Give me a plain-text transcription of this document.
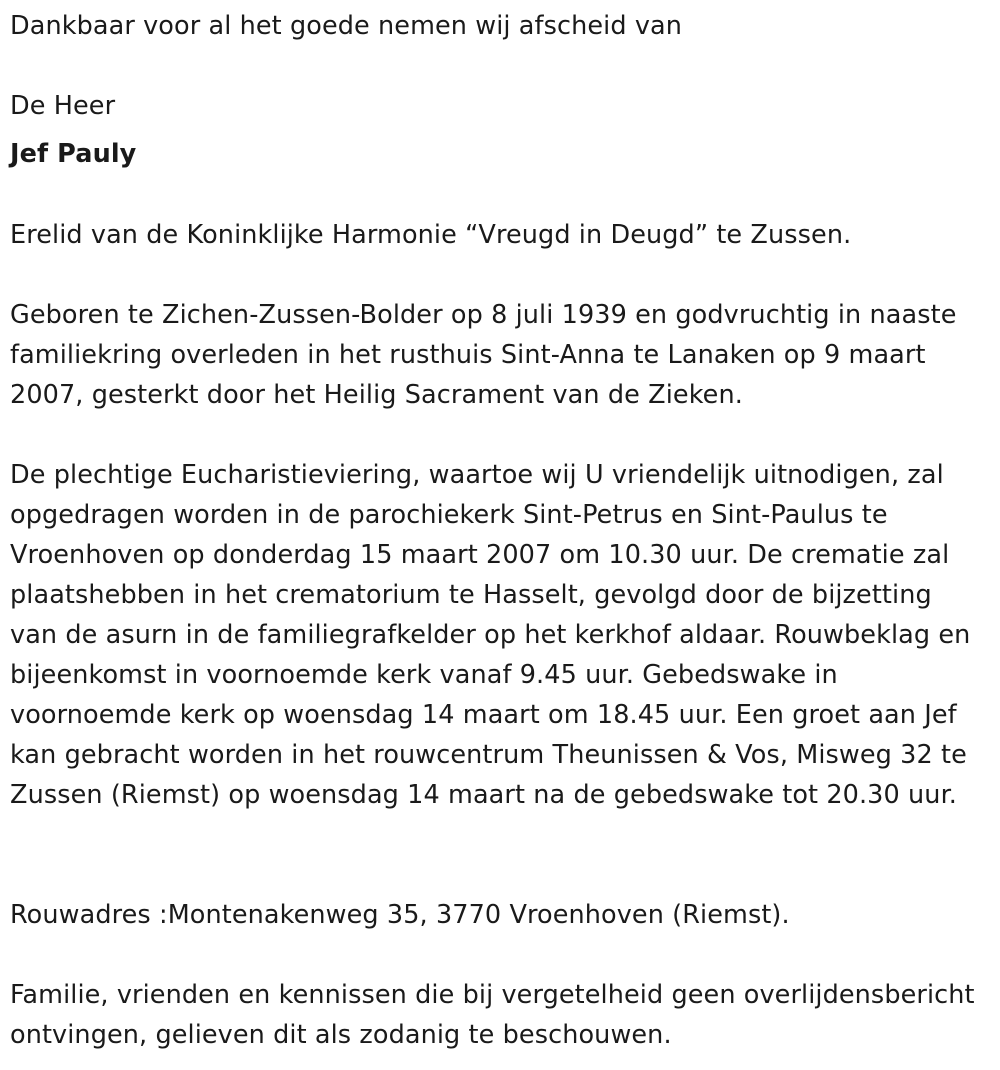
Dankbaar voor al het goede nemen wij afscheid van

De Heer

Jef Pauly

Erelid van de Koninklijke Harmonie “Vreugd in Deugd” te Zussen.

Geboren te Zichen-Zussen-Bolder op 8 juli 1939 en godvruchtig in naaste familiekring overleden in het rusthuis Sint-Anna te Lanaken op 9 maart 2007, gesterkt door het Heilig Sacrament van de Zieken.

De plechtige Eucharistieviering, waartoe wij U vriendelijk uitnodigen, zal opgedragen worden in de parochiekerk Sint-Petrus en Sint-Paulus te Vroenhoven op donderdag 15 maart 2007 om 10.30 uur. De crematie zal plaatshebben in het crematorium te Hasselt, gevolgd door de bijzetting van de asurn in de familiegrafkelder op het kerkhof aldaar. Rouwbeklag en bijeenkomst in voornoemde kerk vanaf 9.45 uur. Gebedswake in voornoemde kerk op woensdag 14 maart om 18.45 uur. Een groet aan Jef kan gebracht worden in het rouwcentrum Theunissen & Vos, Misweg 32 te Zussen (Riemst) op woensdag 14 maart na de gebedswake tot 20.30 uur.

Rouwadres :Montenakenweg 35, 3770 Vroenhoven (Riemst).

Familie, vrienden en kennissen die bij vergetelheid geen overlijdensbericht ontvingen, gelieven dit als zodanig te beschouwen.
